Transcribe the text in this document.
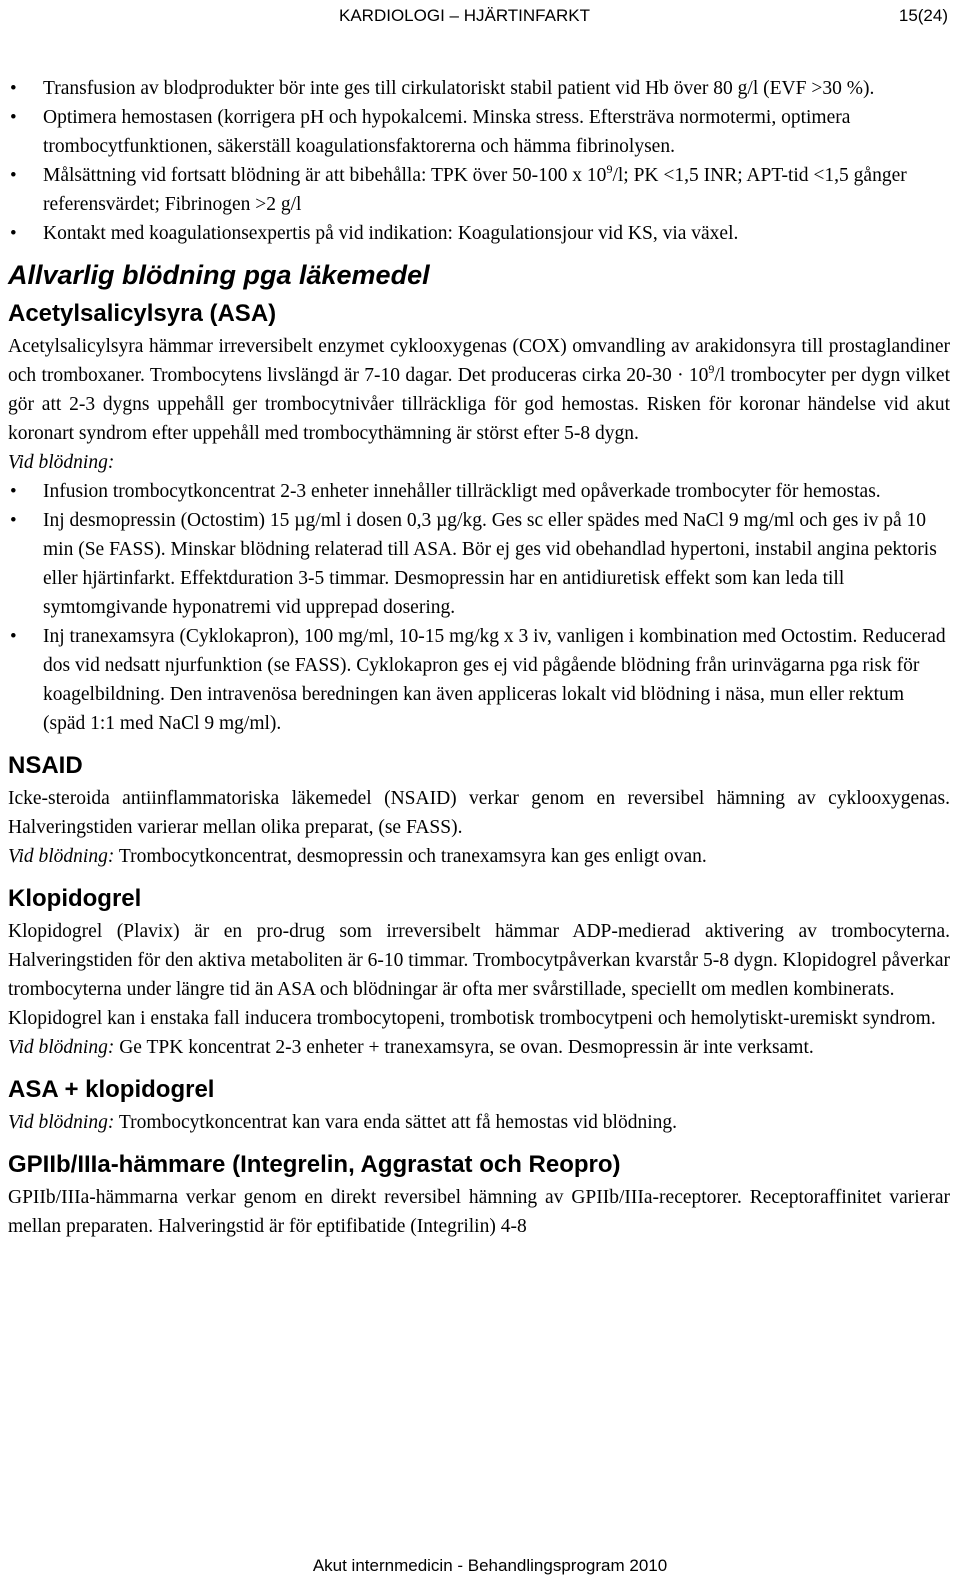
KARDIOLOGI – HJÄRTINFARKT	15(24)
• Transfusion av blodprodukter bör inte ges till cirkulatoriskt stabil patient vid Hb över 80 g/l (EVF >30 %).
• Optimera hemostasen (korrigera pH och hypokalcemi. Minska stress. Eftersträva normotermi, optimera trombocytfunktionen, säkerställ koagulationsfaktorerna och hämma fibrinolysen.
• Målsättning vid fortsatt blödning är att bibehålla: TPK över 50-100 x $10^9/l$; PK <1,5 INR; APT-tid <1,5 gånger referensvärdet; Fibrinogen >2 g/l
• Kontakt med koagulationsexpertis på vid indikation: Koagulationsjour vid KS, via växel.
Allvarlig blödning pga läkemedel
Acetylsalicylsyra (ASA)

Acetylsalicylsyra hämmar irreversibelt enzymet cyklooxygenas (COX) omvandling av arakidonsyra till prostaglandiner och tromboxaner. Trombocytens livslängd är 7-10 dagar. Det produceras cirka $20-30 \cdot 10^9/l$ trombocyter per dygn vilket gör att 2-3 dygns uppehåll ger trombocytnivåer tillräckliga för god hemostas. Risken för koronar händelse vid akut koronart syndrom efter uppehåll med trombocythämning är störst efter 5-8 dygn.

Vid blödning:

• Infusion trombocytkoncentrat 2-3 enheter innehåller tillräckligt med opåverkade trombocyter för hemostas.
• Inj desmopressin (Octostim) 15 µg/ml i dosen 0,3 µg/kg. Ges sc eller spädes med NaCl 9 mg/ml och ges iv på 10 min (Se FASS). Minskar blödning relaterad till ASA. Bör ej ges vid obehandlad hypertoni, instabil angina pektoris eller hjärtinfarkt. Effektduration 3-5 timmar. Desmopressin har en antidiuretisk effekt som kan leda till symtomgivande hyponatremi vid upprepad dosering.
• Inj tranexamsyra (Cyklokapron), 100 mg/ml, 10-15 mg/kg x 3 iv, vanligen i kombination med Octostim. Reducerad dos vid nedsatt njurfunktion (se FASS). Cyklokapron ges ej vid pågående blödning från urinvägarna pga risk för koagelbildning. Den intravenösa beredningen kan även appliceras lokalt vid blödning i näsa, mun eller rektum (späd 1:1 med NaCl 9 mg/ml).
NSAID

Icke-steroida antiinflammatoriska läkemedel (NSAID) verkar genom en reversibel hämning av cyklooxygenas. Halveringstiden varierar mellan olika preparat, (se FASS).

Vid blödning: Trombocytkoncentrat, desmopressin och tranexamsyra kan ges enligt ovan.

Klopidogrel

Klopidogrel (Plavix) är en pro-drug som irreversibelt hämmar ADP-medierad aktivering av trombocyterna. Halveringstiden för den aktiva metaboliten är 6-10 timmar. Trombocytpåverkan kvarstår 5-8 dygn. Klopidogrel påverkar trombocyterna under längre tid än ASA och blödningar är ofta mer svårstillade, speciellt om medlen kombinerats.

Klopidogrel kan i enstaka fall inducera trombocytopeni, trombotisk trombocytpeni och hemolytiskt-uremiskt syndrom.

Vid blödning: Ge TPK koncentrat 2-3 enheter + tranexamsyra, se ovan. Desmopressin är inte verksamt.

ASA + klopidogrel

Vid blödning: Trombocytkoncentrat kan vara enda sättet att få hemostas vid blödning.

GPIIb/IIIa-hämmare (Integrelin, Aggrastat och Reopro)

GPIIb/IIIa-hämmarna verkar genom en direkt reversibel hämning av GPIIb/IIIa-receptorer. Receptoraffinitet varierar mellan preparaten. Halveringstid är för eptifibatide (Integrilin) 4-8

Akut internmedicin - Behandlingsprogram 2010
